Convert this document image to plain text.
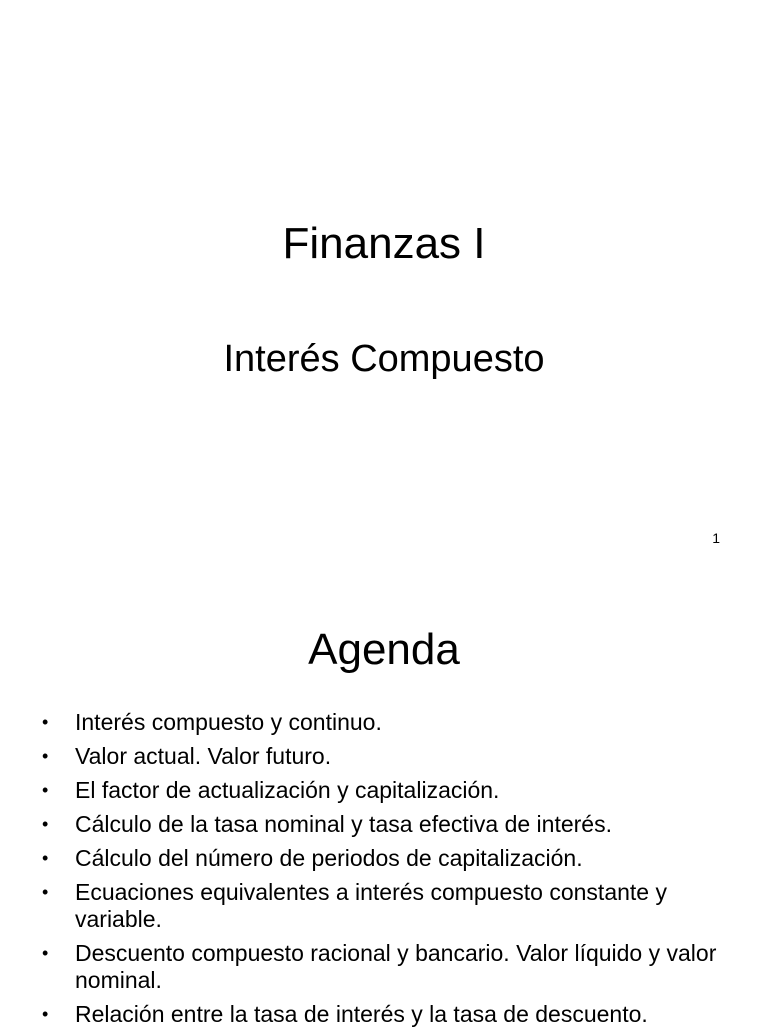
Finanzas I
Interés Compuesto
1
Agenda
• Interés compuesto y continuo.
• Valor actual. Valor futuro.
• El factor de actualización y capitalización.
• Cálculo de la tasa nominal y tasa efectiva de interés.
• Cálculo del número de periodos de capitalización.
• Ecuaciones equivalentes a interés compuesto constante y variable.
• Descuento compuesto racional y bancario. Valor líquido y valor nominal.
• Relación entre la tasa de interés y la tasa de descuento.
